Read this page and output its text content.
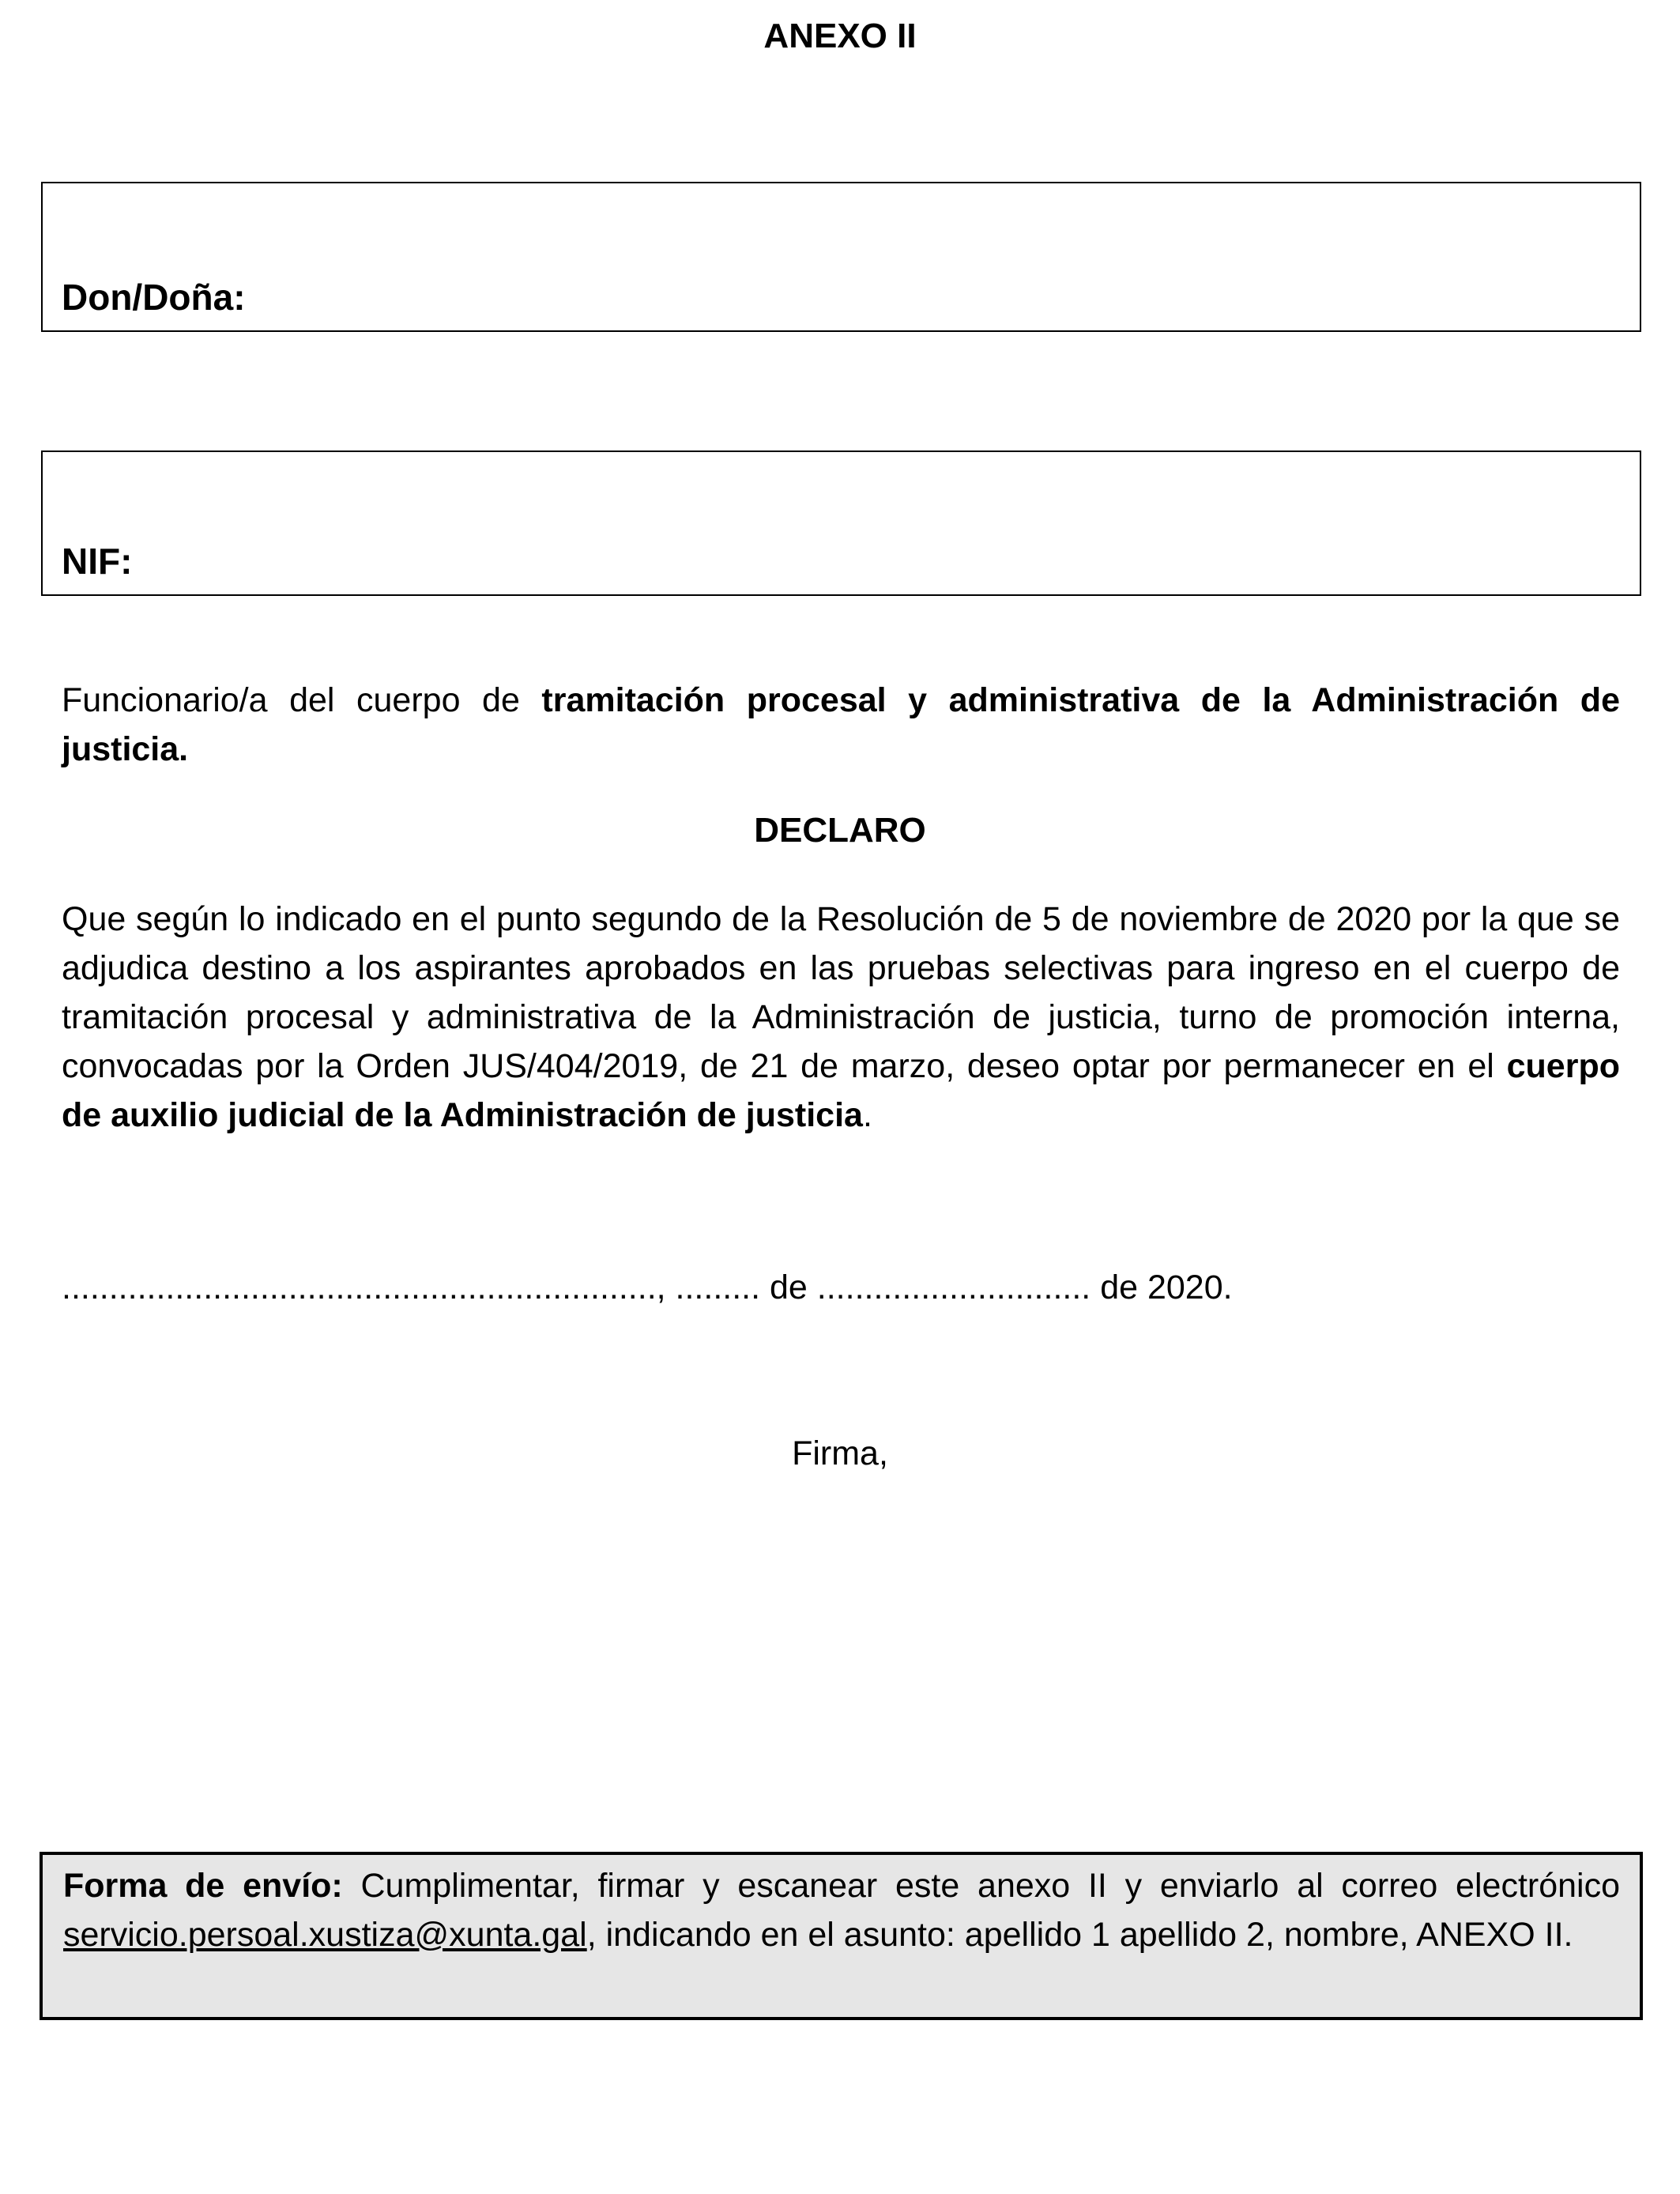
ANEXO II
Don/Doña:
NIF:
Funcionario/a del cuerpo de tramitación procesal y administrativa de la Administración de justicia.
DECLARO
Que según lo indicado en el punto segundo de la Resolución de 5 de noviembre de 2020 por la que se adjudica destino a los aspirantes aprobados en las pruebas selectivas para ingreso en el cuerpo de tramitación procesal y administrativa de la Administración de justicia, turno de promoción interna, convocadas por la Orden JUS/404/2019, de 21 de marzo, deseo optar por permanecer en el cuerpo de auxilio judicial de la Administración de justicia.
..............................................................., ......... de ............................. de 2020.
Firma,
Forma de envío: Cumplimentar, firmar y escanear este anexo II y enviarlo al correo electrónico servicio.persoal.xustiza@xunta.gal, indicando en el asunto: apellido 1 apellido 2, nombre, ANEXO II.
